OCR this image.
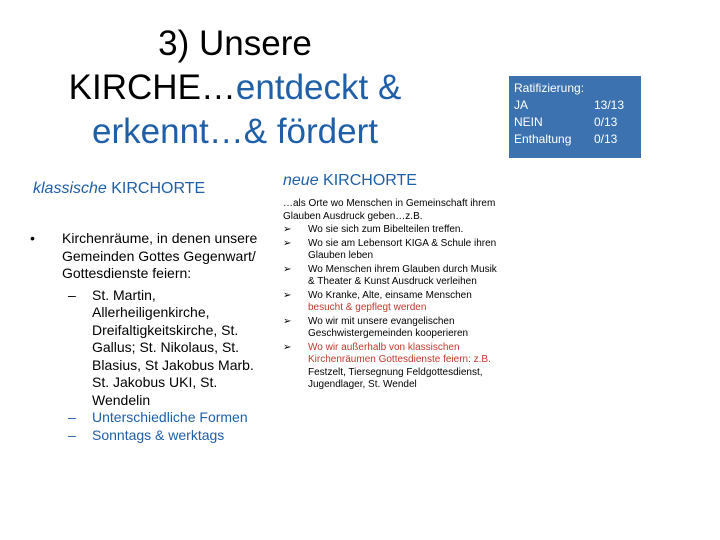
3) Unsere
KIRCHE…entdeckt &
erkennt…& fördert
Ratifizierung:
JA	13/13
NEIN	0/13
Enthaltung	0/13
klassische KIRCHORTE	neue KIRCHORTE
•	Kirchenräume, in denen unsere Gemeinden Gottes Gegenwart/ Gottesdienste feiern:
–	St. Martin, Allerheiligenkirche, Dreifaltigkeitskirche, St. Gallus; St. Nikolaus, St. Blasius, St Jakobus Marb. St. Jakobus UKI, St. Wendelin
–	Unterschiedliche Formen
–	Sonntags & werktags
…als Orte wo Menschen in Gemeinschaft ihrem Glauben Ausdruck geben…z.B.
➢	Wo sie sich zum Bibelteilen treffen.
➢	Wo sie am Lebensort KIGA & Schule ihren Glauben leben
➢	Wo Menschen ihrem Glauben durch Musik & Theater & Kunst Ausdruck verleihen
➢	Wo Kranke, Alte, einsame Menschen
besucht & gepflegt werden
➢	Wo wir mit unsere evangelischen Geschwistergemeinden kooperieren
➢	Wo wir außerhalb von klassischen Kirchenräumen Gottesdienste feiern: z.B. Festzelt, Tiersegnung Feldgottesdienst, Jugendlager, St. Wendel
